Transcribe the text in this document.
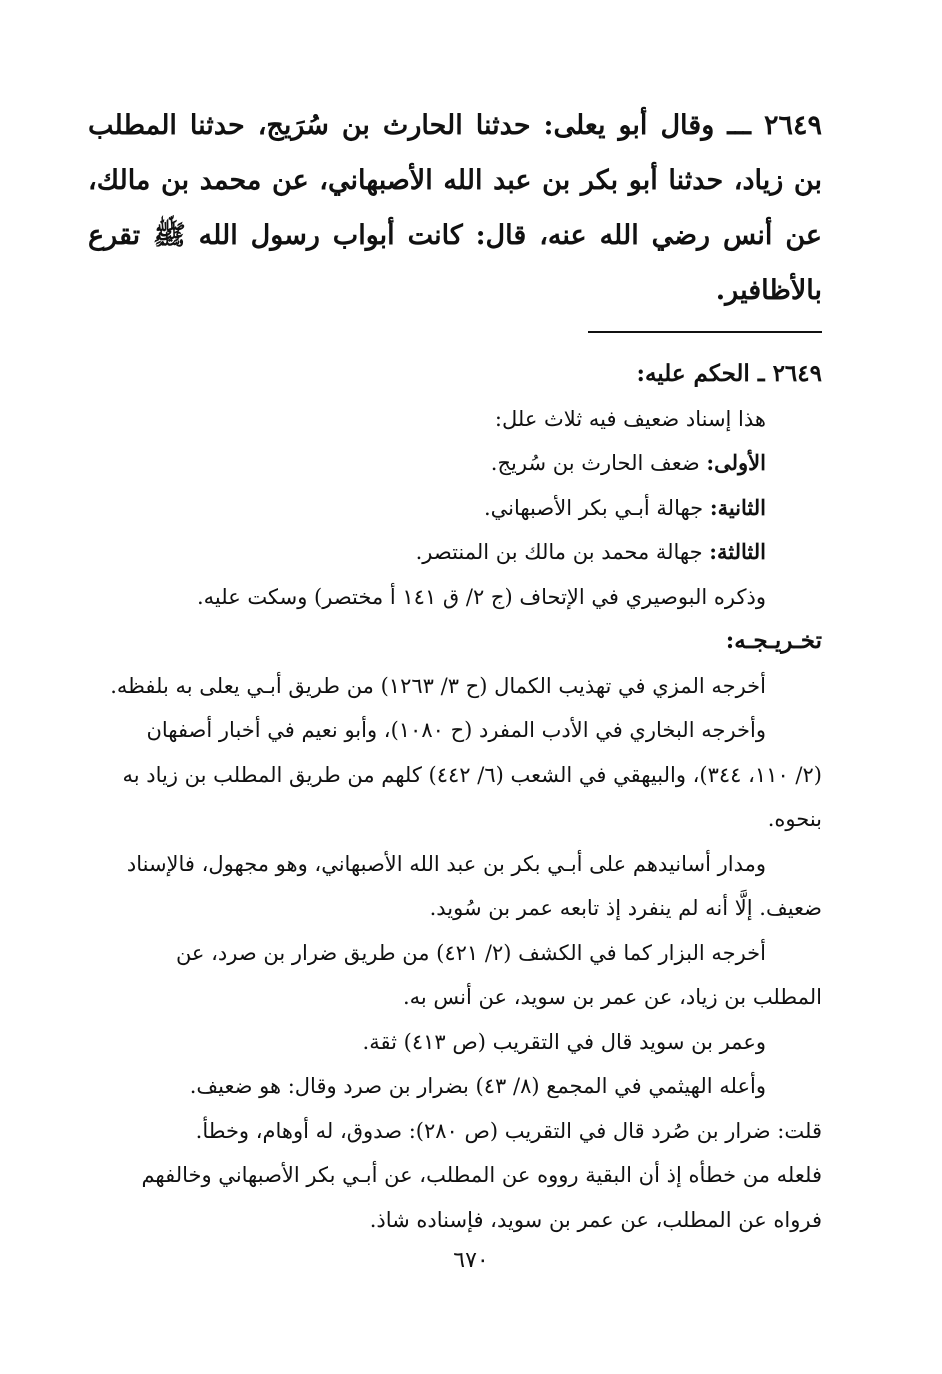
٢٦٤٩ ـــ وقال أبو يعلى: حدثنا الحارث بن سُرَيج، حدثنا المطلب بن زياد، حدثنا أبو بكر بن عبد الله الأصبهاني، عن محمد بن مالك، عن أنس رضي الله عنه، قال: كانت أبواب رسول الله ﷺ تقرع بالأظافير.
٢٦٤٩ ـ الحكم عليه:
هذا إسناد ضعيف فيه ثلاث علل:
الأولى: ضعف الحارث بن سُريج.
الثانية: جهالة أبـي بكر الأصبهاني.
الثالثة: جهالة محمد بن مالك بن المنتصر.
وذكره البوصيري في الإتحاف (ج ٢/ ق ١٤١ أ مختصر) وسكت عليه.
تخـريـجـه:
أخرجه المزي في تهذيب الكمال (ح ٣/ ١٢٦٣) من طريق أبـي يعلى به بلفظه.
وأخرجه البخاري في الأدب المفرد (ح ١٠٨٠)، وأبو نعيم في أخبار أصفهان
(٢/ ١١٠، ٣٤٤)، والبيهقي في الشعب (٦/ ٤٤٢) كلهم من طريق المطلب بن زياد به
بنحوه.
ومدار أسانيدهم على أبـي بكر بن عبد الله الأصبهاني، وهو مجهول، فالإسناد
ضعيف. إلَّا أنه لم ينفرد إذ تابعه عمر بن سُويد.
أخرجه البزار كما في الكشف (٢/ ٤٢١) من طريق ضرار بن صرد، عن
المطلب بن زياد، عن عمر بن سويد، عن أنس به.
وعمر بن سويد قال في التقريب (ص ٤١٣) ثقة.
وأعله الهيثمي في المجمع (٨/ ٤٣) بضرار بن صرد وقال: هو ضعيف.
قلت: ضرار بن صُرد قال في التقريب (ص ٢٨٠): صدوق، له أوهام، وخطأ.
فلعله من خطأه إذ أن البقية رووه عن المطلب، عن أبـي بكر الأصبهاني وخالفهم
فرواه عن المطلب، عن عمر بن سويد، فإسناده شاذ.
٦٧٠
